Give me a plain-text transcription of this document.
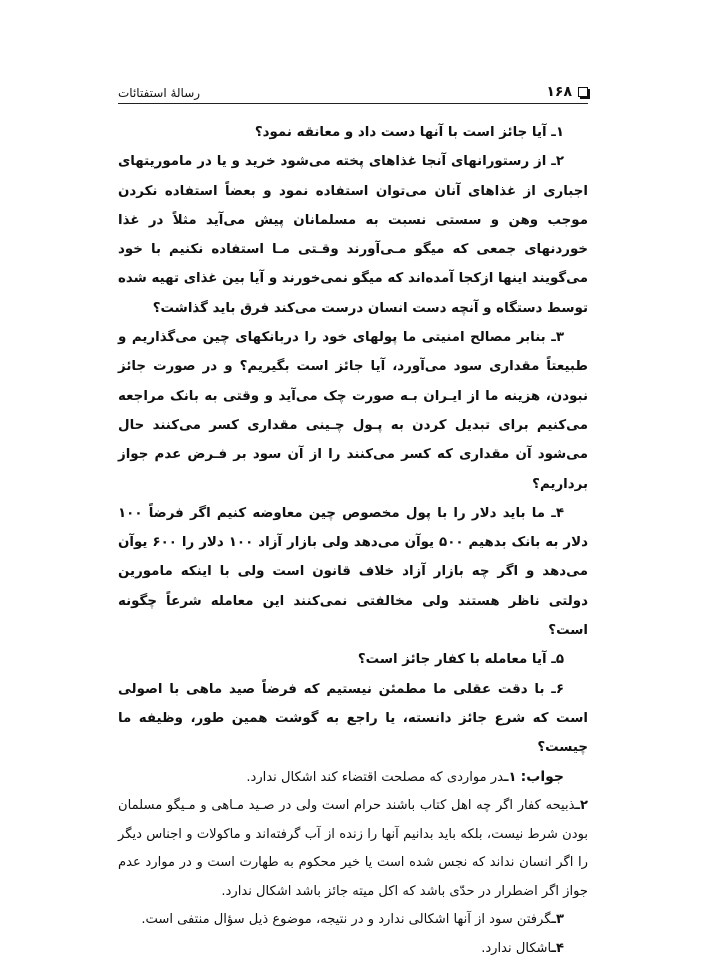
۱۶۸
رسالهٔ استفتائات

۱ـ آیا جائز است با آنها دست داد و معانقه نمود؟

۲ـ از رستورانهای آنجا غذاهای پخته می‌شود خرید و یا در ماموریتهای اجباری از غذاهای آنان می‌توان استفاده نمود و بعضاً استفاده نکردن موجب وهن و سستی نسبت به مسلمانان پیش می‌آید مثلاً در غذا خوردنهای جمعی که میگو مـی‌آورند وقـتی مـا استفاده نکنیم با خود می‌گویند اینها ازکجا آمده‌اند که میگو نمی‌خورند و آیا بین غذای تهیه شده توسط دستگاه و آنچه دست انسان درست می‌کند فرق باید گذاشت؟

۳ـ بنابر مصالح امنیتی ما پولهای خود را دربانکهای چین می‌گذاریم و طبیعتاً مقداری سود می‌آورد، آیا جائز است بگیریم؟ و در صورت جائز نبودن، هزینه ما از ایـران بـه صورت چک می‌آید و وقتی به بانک مراجعه می‌کنیم برای تبدیل کردن به پـول چـینی مقداری کسر می‌کنند حال می‌شود آن مقداری که کسر می‌کنند را از آن سود بر فـرض عدم جواز برداریم؟

۴ـ ما باید دلار را با پول مخصوص چین معاوضه کنیم اگر فرضاً ۱۰۰ دلار به بانک بدهیم ۵۰۰ یوآن می‌دهد ولی بازار آزاد ۱۰۰ دلار را ۶۰۰ یوآن می‌دهد و اگر چه بازار آزاد خلاف قانون است ولی با اینکه مامورین دولتی ناظر هستند ولی مخالفتی نمی‌کنند این معامله شرعاً چگونه است؟

۵ـ آیا معامله با کفار جائز است؟

۶ـ با دقت عقلی ما مطمئن نیستیم که فرضاً صید ماهی با اصولی است که شرع جائز دانسته، یا راجع به گوشت همین طور، وظیفه ما چیست؟

جواب: ۱ـدر مواردی که مصلحت اقتضاء کند اشکال ندارد.

۲ـذبیحه کفار اگر چه اهل کتاب باشند حرام است ولی در صـید مـاهی و مـیگو مسلمان بودن شرط نیست، بلکه باید بدانیم آنها را زنده از آب گرفته‌اند و ماکولات و اجناس دیگر را اگر انسان نداند که نجس شده است یا خیر محکوم به طهارت است و در موارد عدم جواز اگر اضطرار در حدّی باشد که اکل میته جائز باشد اشکال ندارد.

۳ـگرفتن سود از آنها اشکالی ندارد و در نتیجه، موضوع ذیل سؤال منتفی است.

۴ـاشکال ندارد.
